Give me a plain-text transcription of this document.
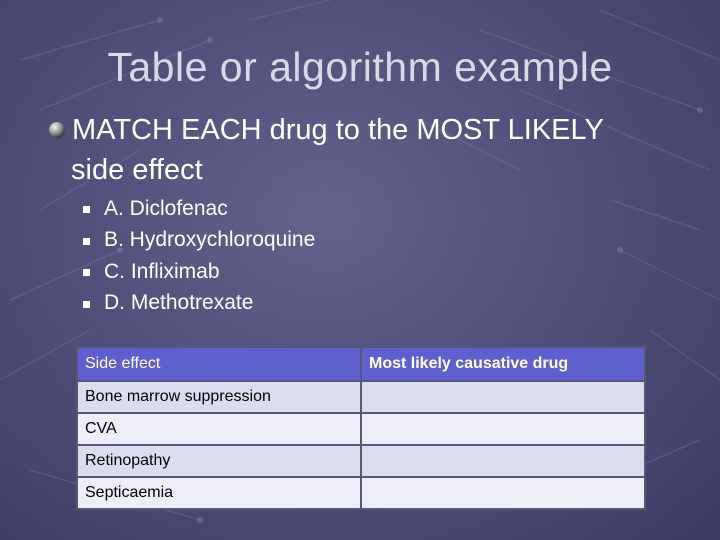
Table or algorithm example
MATCH EACH drug to the MOST LIKELY
side effect
A. Diclofenac
B. Hydroxychloroquine
C. Infliximab
D. Methotrexate
Side effect	Most likely causative drug
Bone marrow suppression	
CVA	
Retinopathy	
Septicaemia	
